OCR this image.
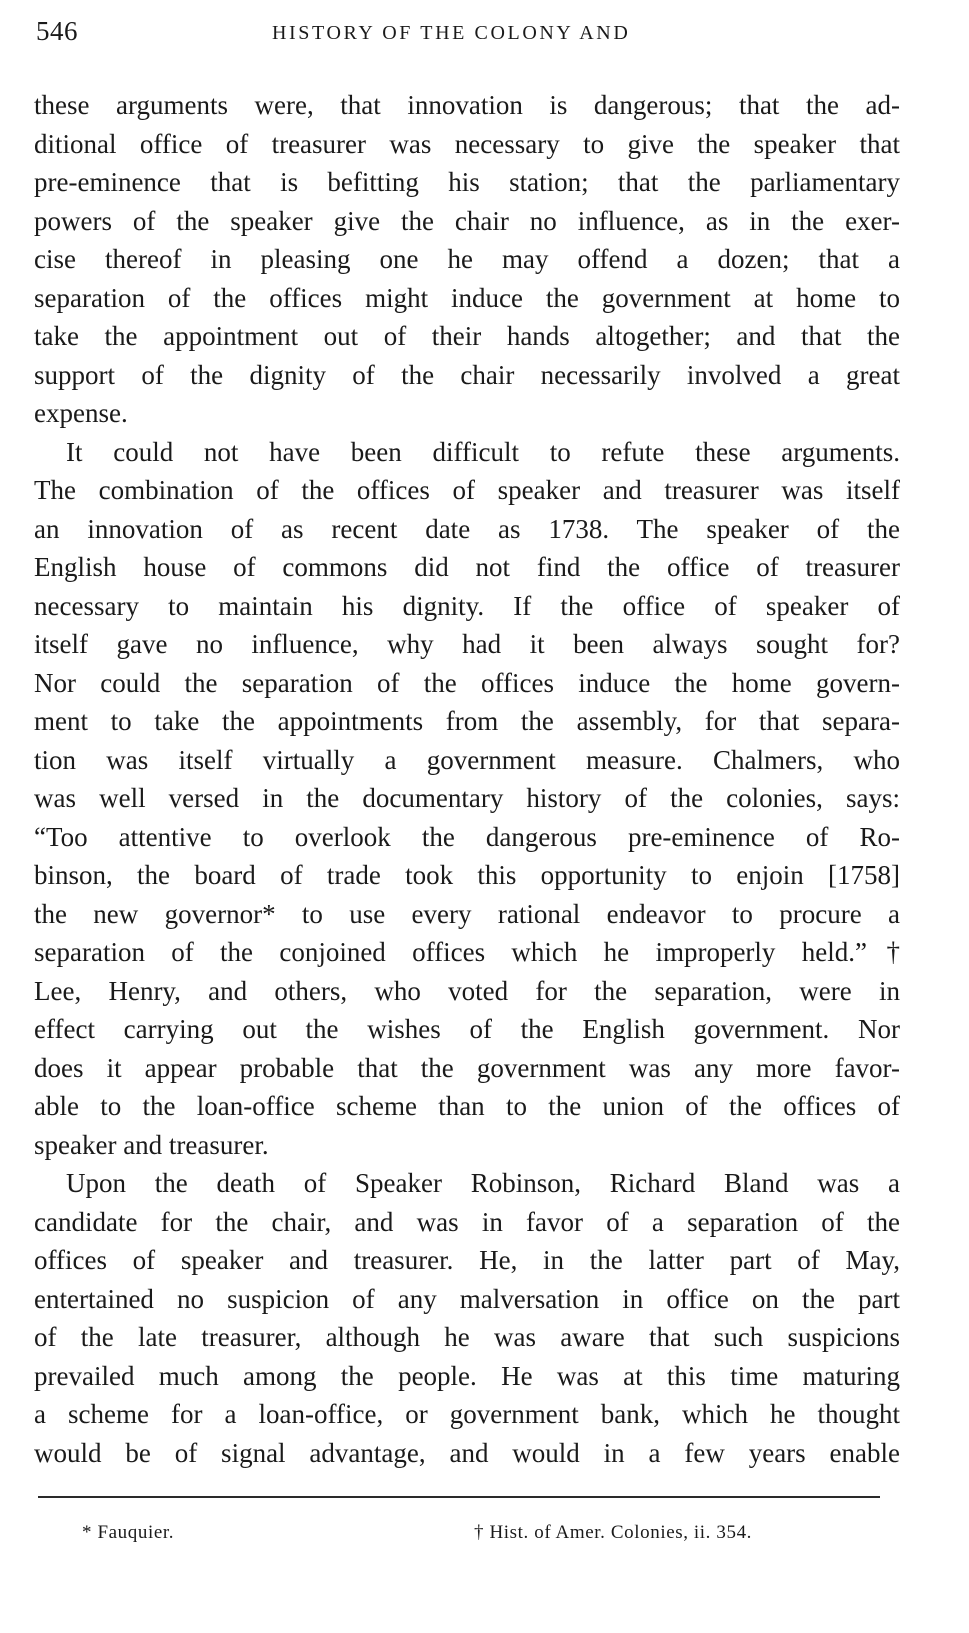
546	HISTORY OF THE COLONY AND
these arguments were, that innovation is dangerous; that the ad-
ditional office of treasurer was necessary to give the speaker that
pre-eminence that is befitting his station; that the parliamentary
powers of the speaker give the chair no influence, as in the exer-
cise thereof in pleasing one he may offend a dozen; that a
separation of the offices might induce the government at home to
take the appointment out of their hands altogether; and that the
support of the dignity of the chair necessarily involved a great
expense.
It could not have been difficult to refute these arguments.
The combination of the offices of speaker and treasurer was itself
an innovation of as recent date as 1738. The speaker of the
English house of commons did not find the office of treasurer
necessary to maintain his dignity. If the office of speaker of
itself gave no influence, why had it been always sought for?
Nor could the separation of the offices induce the home govern-
ment to take the appointments from the assembly, for that separa-
tion was itself virtually a government measure. Chalmers, who
was well versed in the documentary history of the colonies, says:
“Too attentive to overlook the dangerous pre-eminence of Ro-
binson, the board of trade took this opportunity to enjoin [1758]
the new governor* to use every rational endeavor to procure a
separation of the conjoined offices which he improperly held.”†
Lee, Henry, and others, who voted for the separation, were in
effect carrying out the wishes of the English government. Nor
does it appear probable that the government was any more favor-
able to the loan-office scheme than to the union of the offices of
speaker and treasurer.
Upon the death of Speaker Robinson, Richard Bland was a
candidate for the chair, and was in favor of a separation of the
offices of speaker and treasurer. He, in the latter part of May,
entertained no suspicion of any malversation in office on the part
of the late treasurer, although he was aware that such suspicions
prevailed much among the people. He was at this time maturing
a scheme for a loan-office, or government bank, which he thought
would be of signal advantage, and would in a few years enable
* Fauquier.	† Hist. of Amer. Colonies, ii. 354.
